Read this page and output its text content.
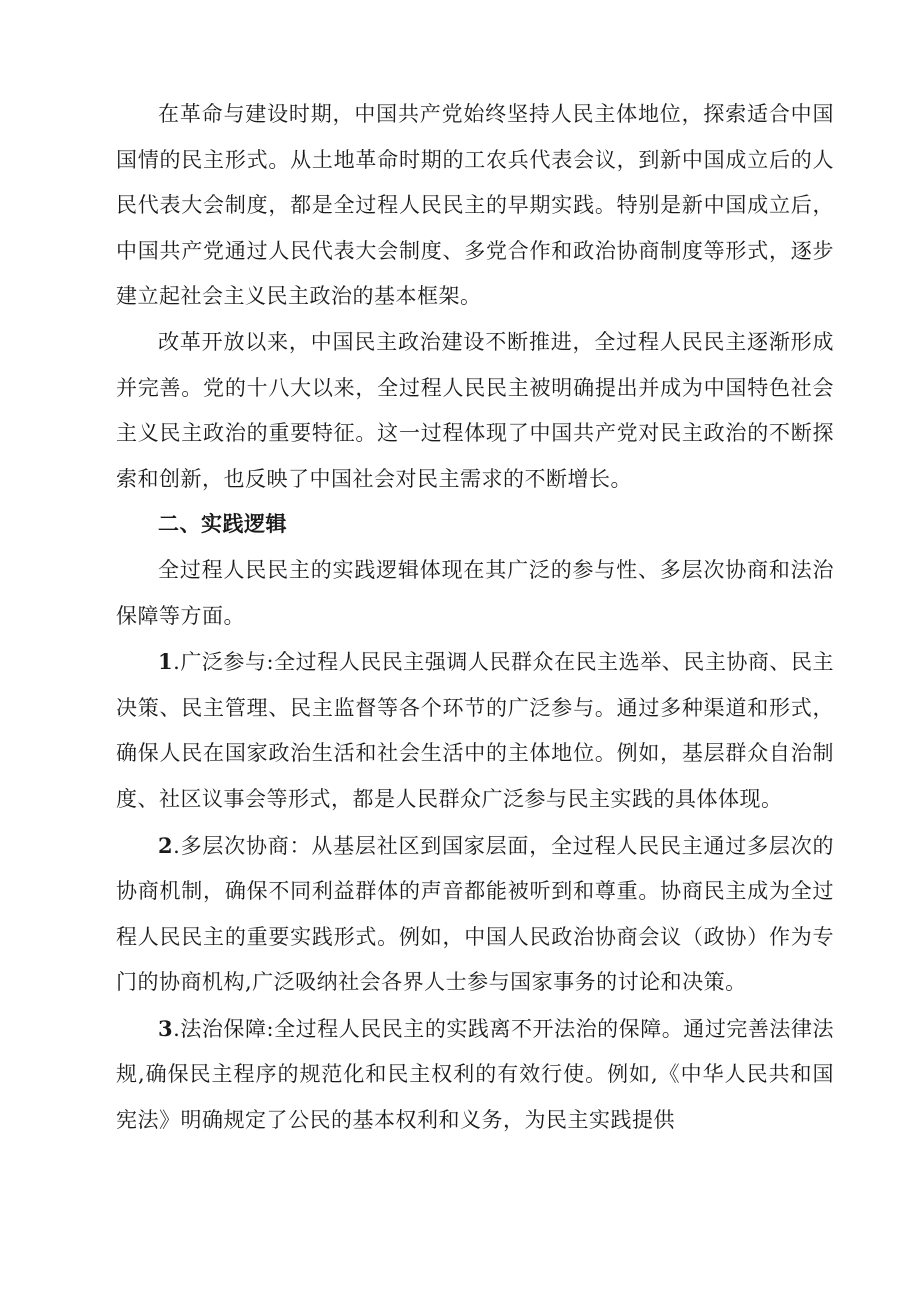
在革命与建设时期，中国共产党始终坚持人民主体地位，探索适合中国国情的民主形式。从土地革命时期的工农兵代表会议，到新中国成立后的人民代表大会制度，都是全过程人民民主的早期实践。特别是新中国成立后，中国共产党通过人民代表大会制度、多党合作和政治协商制度等形式，逐步建立起社会主义民主政治的基本框架。

改革开放以来，中国民主政治建设不断推进，全过程人民民主逐渐形成并完善。党的十八大以来，全过程人民民主被明确提出并成为中国特色社会主义民主政治的重要特征。这一过程体现了中国共产党对民主政治的不断探索和创新，也反映了中国社会对民主需求的不断增长。

二、实践逻辑

全过程人民民主的实践逻辑体现在其广泛的参与性、多层次协商和法治保障等方面。

1.广泛参与:全过程人民民主强调人民群众在民主选举、民主协商、民主决策、民主管理、民主监督等各个环节的广泛参与。通过多种渠道和形式，确保人民在国家政治生活和社会生活中的主体地位。例如，基层群众自治制度、社区议事会等形式，都是人民群众广泛参与民主实践的具体体现。

2.多层次协商：从基层社区到国家层面，全过程人民民主通过多层次的协商机制，确保不同利益群体的声音都能被听到和尊重。协商民主成为全过程人民民主的重要实践形式。例如，中国人民政治协商会议（政协）作为专门的协商机构,广泛吸纳社会各界人士参与国家事务的讨论和决策。

3.法治保障:全过程人民民主的实践离不开法治的保障。通过完善法律法规,确保民主程序的规范化和民主权利的有效行使。例如,《中华人民共和国宪法》明确规定了公民的基本权利和义务，为民主实践提供
